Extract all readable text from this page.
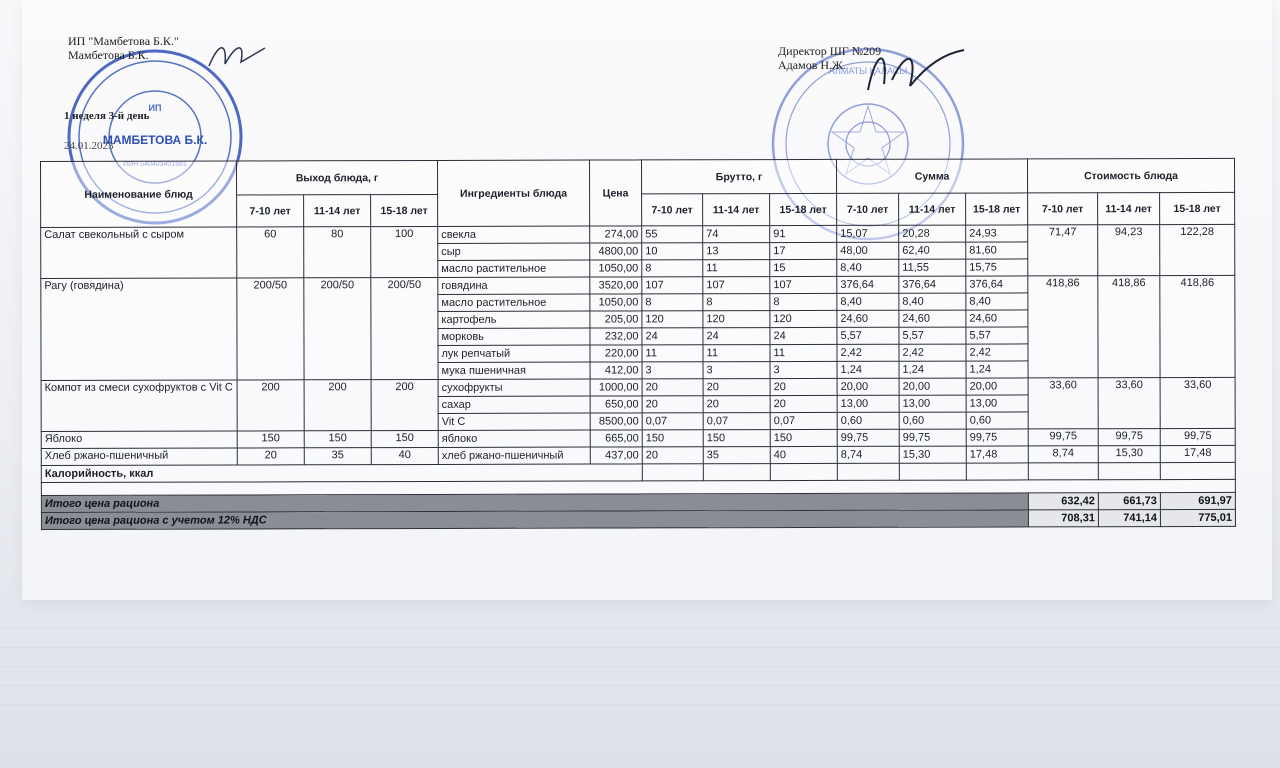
ИП
МАМБЕТОВА Б.К.
ИИН 540403401681
АЛМАТЫ ҚАЛАСЫ
ИП "Мамбетова Б.К."
Мамбетова Б.К.
1 неделя 3-й день
24.01.2023
Директор ШГ №209
Адамов Н.Ж.
Наименование блюд	Выход блюда, г			Ингредиенты блюда	Цена	Брутто, г			Сумма			Стоимость блюда		
	7-10 лет	11-14 лет	15-18 лет			7-10 лет	11-14 лет	15-18 лет	7-10 лет	11-14 лет	15-18 лет	7-10 лет	11-14 лет	15-18 лет
Салат свекольный с сыром	60	80	100	свекла	274,00	55	74	91	15,07	20,28	24,93	71,47	94,23	122,28
				сыр	4800,00	10	13	17	48,00	62,40	81,60			
				масло растительное	1050,00	8	11	15	8,40	11,55	15,75			
Рагу (говядина)	200/50	200/50	200/50	говядина	3520,00	107	107	107	376,64	376,64	376,64	418,86	418,86	418,86
				масло растительное	1050,00	8	8	8	8,40	8,40	8,40			
				картофель	205,00	120	120	120	24,60	24,60	24,60			
				морковь	232,00	24	24	24	5,57	5,57	5,57			
				лук репчатый	220,00	11	11	11	2,42	2,42	2,42			
				мука пшеничная	412,00	3	3	3	1,24	1,24	1,24			
Компот из смеси сухофруктов с Vit C	200	200	200	сухофрукты	1000,00	20	20	20	20,00	20,00	20,00	33,60	33,60	33,60
				сахар	650,00	20	20	20	13,00	13,00	13,00			
				Vit C	8500,00	0,07	0,07	0,07	0,60	0,60	0,60			
Яблоко	150	150	150	яблоко	665,00	150	150	150	99,75	99,75	99,75	99,75	99,75	99,75
Хлеб ржано-пшеничный	20	35	40	хлеб ржано-пшеничный	437,00	20	35	40	8,74	15,30	17,48	8,74	15,30	17,48
Калорийность, ккал														

Итого цена рациона												632,42	661,73	691,97
Итого цена рациона с учетом 12% НДС												708,31	741,14	775,01
